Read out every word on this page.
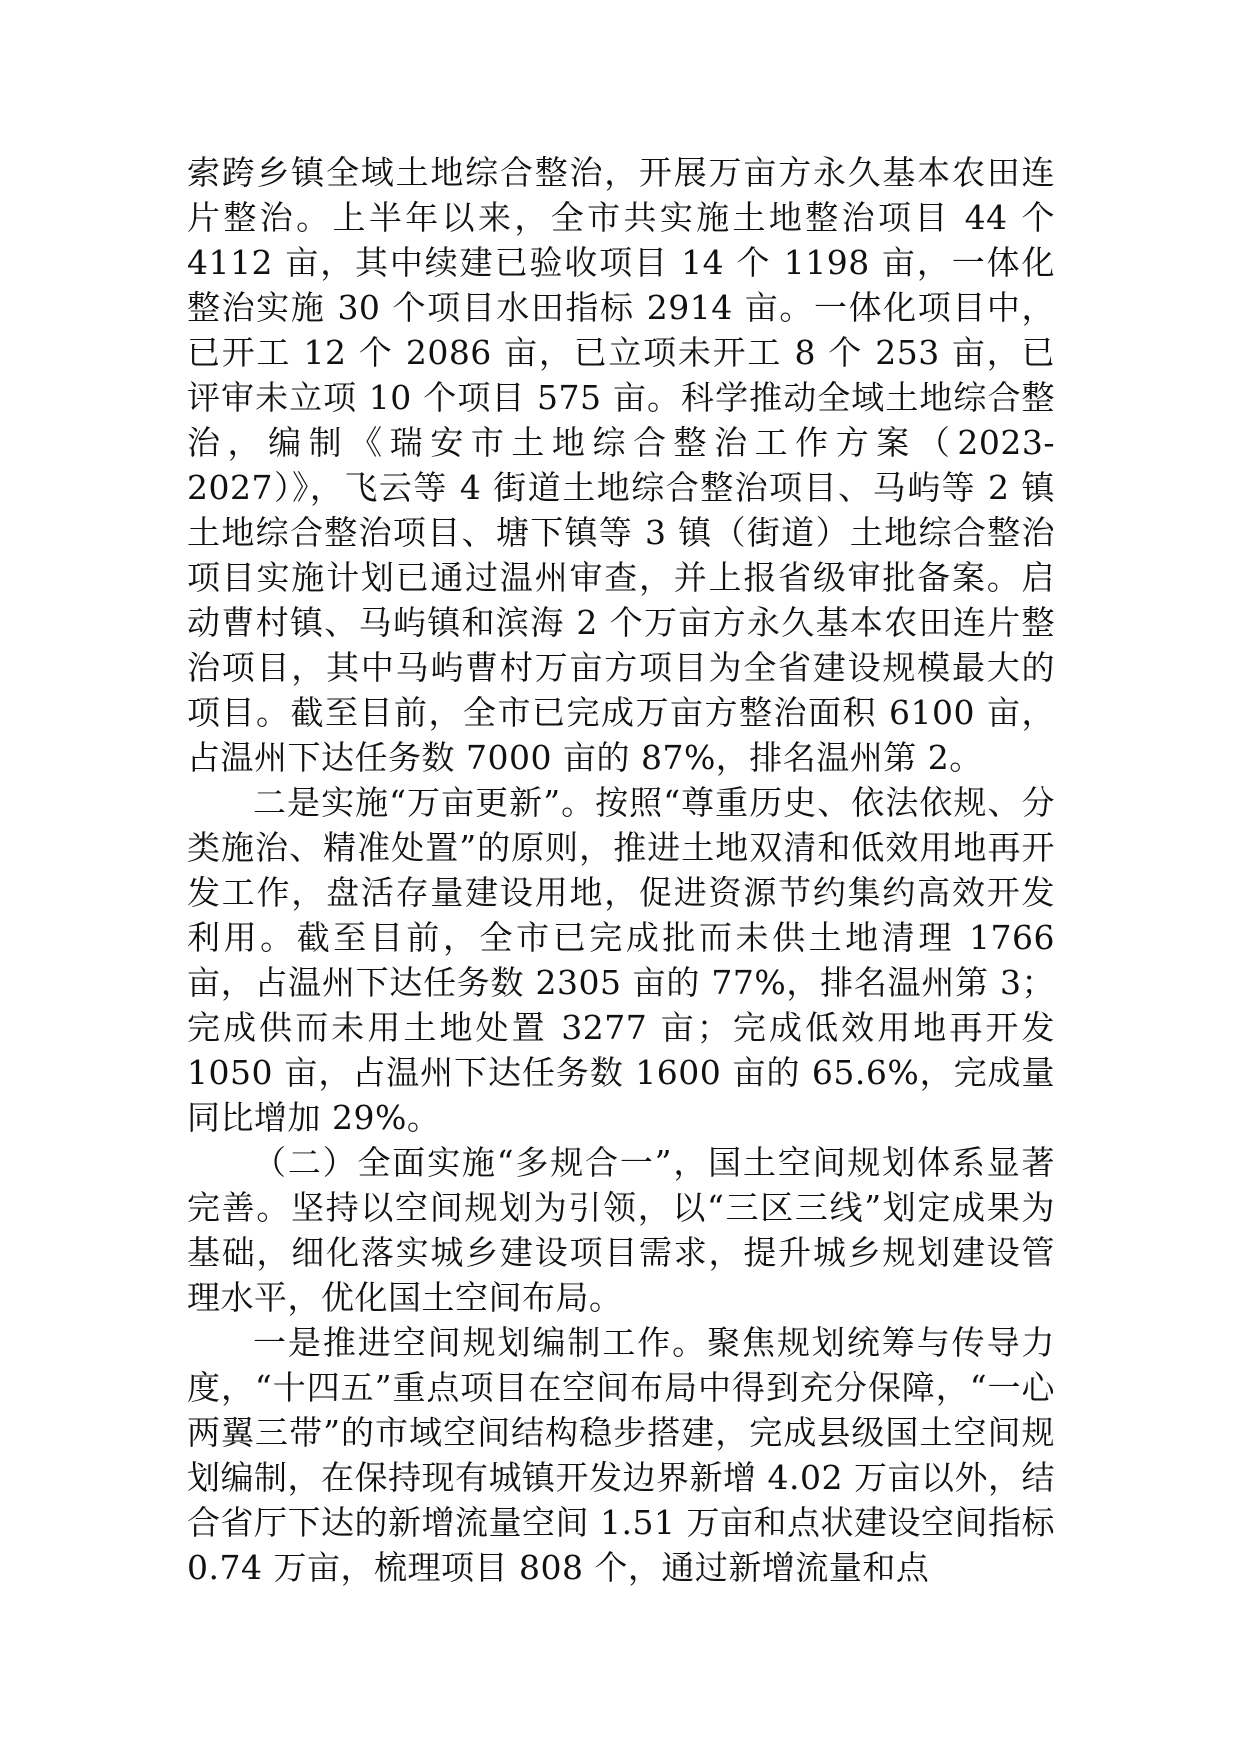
索跨乡镇全域土地综合整治，开展万亩方永久基本农田连片整治。上半年以来，全市共实施土地整治项目 44 个 4112 亩，其中续建已验收项目 14 个 1198 亩，一体化整治实施 30 个项目水田指标 2914 亩。一体化项目中，已开工 12 个 2086 亩，已立项未开工 8 个 253 亩，已评审未立项 10 个项目 575 亩。科学推动全域土地综合整治，编制《瑞安市土地综合整治工作方案（2023-2027）》，飞云等 4 街道土地综合整治项目、马屿等 2 镇土地综合整治项目、塘下镇等 3 镇（街道）土地综合整治项目实施计划已通过温州审查，并上报省级审批备案。启动曹村镇、马屿镇和滨海 2 个万亩方永久基本农田连片整治项目，其中马屿曹村万亩方项目为全省建设规模最大的项目。截至目前，全市已完成万亩方整治面积 6100 亩，占温州下达任务数 7000 亩的 87%，排名温州第 2。

二是实施“万亩更新”。按照“尊重历史、依法依规、分类施治、精准处置”的原则，推进土地双清和低效用地再开发工作，盘活存量建设用地，促进资源节约集约高效开发利用。截至目前，全市已完成批而未供土地清理 1766 亩，占温州下达任务数 2305 亩的 77%，排名温州第 3；完成供而未用土地处置 3277 亩；完成低效用地再开发 1050 亩，占温州下达任务数 1600 亩的 65.6%，完成量同比增加 29%。

（二）全面实施“多规合一”，国土空间规划体系显著完善。坚持以空间规划为引领，以“三区三线”划定成果为基础，细化落实城乡建设项目需求，提升城乡规划建设管理水平，优化国土空间布局。

一是推进空间规划编制工作。聚焦规划统筹与传导力度，“十四五”重点项目在空间布局中得到充分保障，“一心两翼三带”的市域空间结构稳步搭建，完成县级国土空间规划编制，在保持现有城镇开发边界新增 4.02 万亩以外，结合省厅下达的新增流量空间 1.51 万亩和点状建设空间指标 0.74 万亩，梳理项目 808 个，通过新增流量和点
